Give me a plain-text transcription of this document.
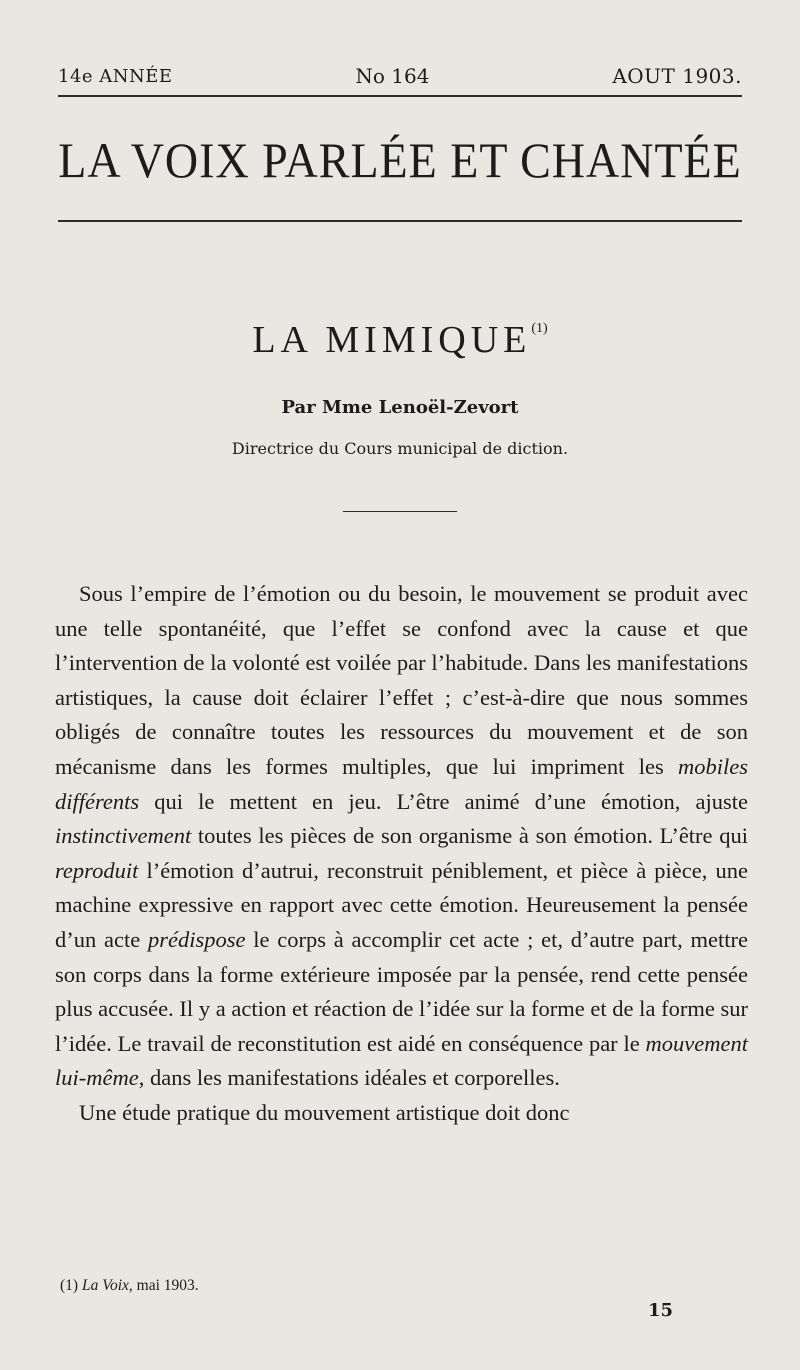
14e ANNÉE	No 164	AOUT 1903.
LA VOIX PARLÉE ET CHANTÉE
LA MIMIQUE$^{(1)}$
Par Mme Lenoël-Zevort
Directrice du Cours municipal de diction.

Sous l’empire de l’émotion ou du besoin, le mouvement se produit avec une telle spontanéité, que l’effet se confond avec la cause et que l’intervention de la volonté est voilée par l’habitude. Dans les manifestations artistiques, la cause doit éclairer l’effet ; c’est-à-dire que nous sommes obligés de connaître toutes les ressources du mouvement et de son mécanisme dans les formes multiples, que lui impriment les mobiles différents qui le mettent en jeu. L’être animé d’une émotion, ajuste instinctivement toutes les pièces de son organisme à son émotion. L’être qui reproduit l’émotion d’autrui, reconstruit péniblement, et pièce à pièce, une machine expressive en rapport avec cette émotion. Heureusement la pensée d’un acte prédispose le corps à accomplir cet acte ; et, d’autre part, mettre son corps dans la forme extérieure imposée par la pensée, rend cette pensée plus accusée. Il y a action et réaction de l’idée sur la forme et de la forme sur l’idée. Le travail de reconstitution est aidé en conséquence par le mouvement lui-même, dans les manifestations idéales et corporelles.

Une étude pratique du mouvement artistique doit donc

(1) La Voix, mai 1903.
15
